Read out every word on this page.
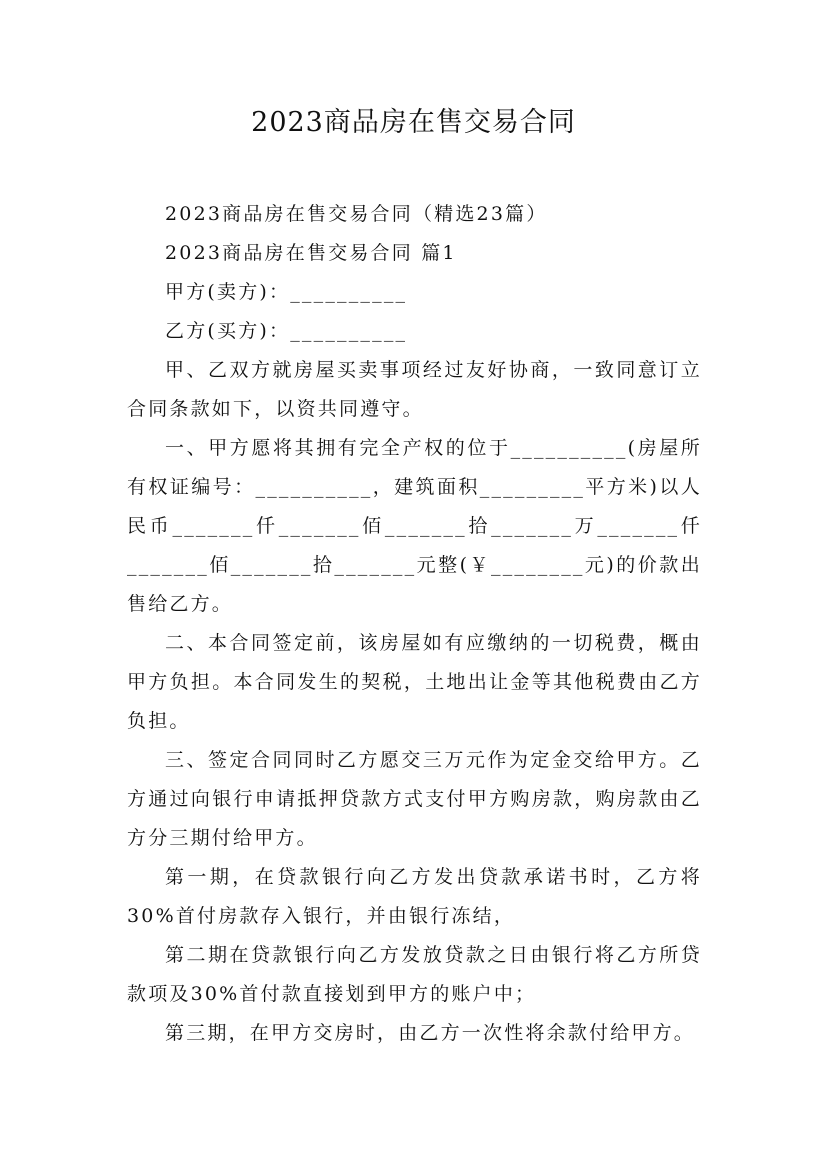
2023商品房在售交易合同

2023商品房在售交易合同（精选23篇）

2023商品房在售交易合同 篇1

甲方(卖方)：__________

乙方(买方)：__________

甲、乙双方就房屋买卖事项经过友好协商，一致同意订立合同条款如下，以资共同遵守。

一、甲方愿将其拥有完全产权的位于__________(房屋所有权证编号：__________，建筑面积_________平方米)以人民币_______仟_______佰_______拾_______万_______仟_______佰_______拾_______元整(￥________元)的价款出售给乙方。

二、本合同签定前，该房屋如有应缴纳的一切税费，概由甲方负担。本合同发生的契税，土地出让金等其他税费由乙方负担。

三、签定合同同时乙方愿交三万元作为定金交给甲方。乙方通过向银行申请抵押贷款方式支付甲方购房款，购房款由乙方分三期付给甲方。

第一期，在贷款银行向乙方发出贷款承诺书时，乙方将30%首付房款存入银行，并由银行冻结，

第二期在贷款银行向乙方发放贷款之日由银行将乙方所贷款项及30%首付款直接划到甲方的账户中；

第三期，在甲方交房时，由乙方一次性将余款付给甲方。
